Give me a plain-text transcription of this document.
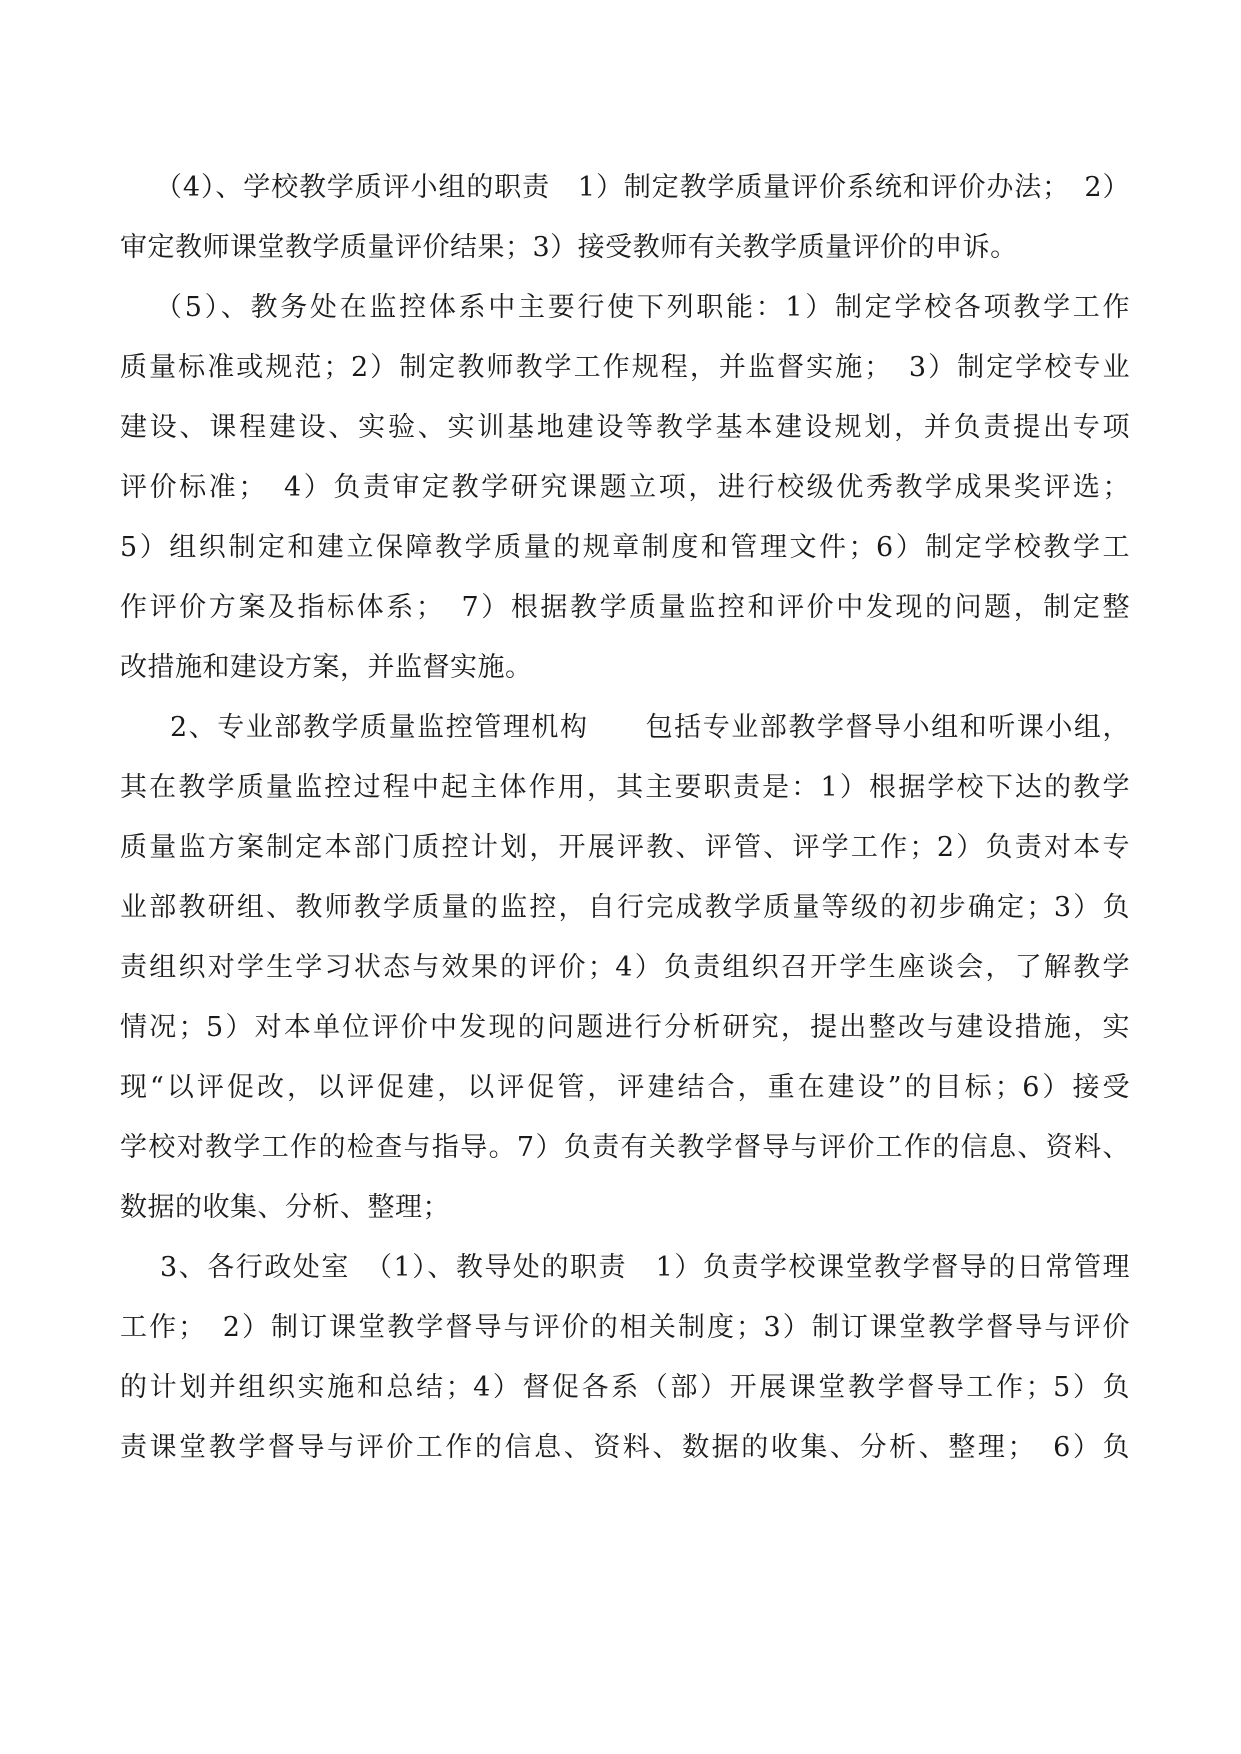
（4）、学校教学质评小组的职责　1）制定教学质量评价系统和评价办法；　2）
审定教师课堂教学质量评价结果；3）接受教师有关教学质量评价的申诉。
（5）、教务处在监控体系中主要行使下列职能：1）制定学校各项教学工作
质量标准或规范；2）制定教师教学工作规程，并监督实施；　3）制定学校专业
建设、课程建设、实验、实训基地建设等教学基本建设规划，并负责提出专项
评价标准；　4）负责审定教学研究课题立项，进行校级优秀教学成果奖评选；
5）组织制定和建立保障教学质量的规章制度和管理文件；6）制定学校教学工
作评价方案及指标体系；　7）根据教学质量监控和评价中发现的问题，制定整
改措施和建设方案，并监督实施。
2、专业部教学质量监控管理机构　　包括专业部教学督导小组和听课小组，
其在教学质量监控过程中起主体作用，其主要职责是：1）根据学校下达的教学
质量监方案制定本部门质控计划，开展评教、评管、评学工作；2）负责对本专
业部教研组、教师教学质量的监控，自行完成教学质量等级的初步确定；3）负
责组织对学生学习状态与效果的评价；4）负责组织召开学生座谈会，了解教学
情况；5）对本单位评价中发现的问题进行分析研究，提出整改与建设措施，实
现“以评促改，以评促建，以评促管，评建结合，重在建设”的目标；6）接受
学校对教学工作的检查与指导。7）负责有关教学督导与评价工作的信息、资料、
数据的收集、分析、整理；
3、各行政处室　（1）、教导处的职责　1）负责学校课堂教学督导的日常管理
工作；　2）制订课堂教学督导与评价的相关制度；3）制订课堂教学督导与评价
的计划并组织实施和总结；4）督促各系（部）开展课堂教学督导工作；5）负
责课堂教学督导与评价工作的信息、资料、数据的收集、分析、整理；　6）负
